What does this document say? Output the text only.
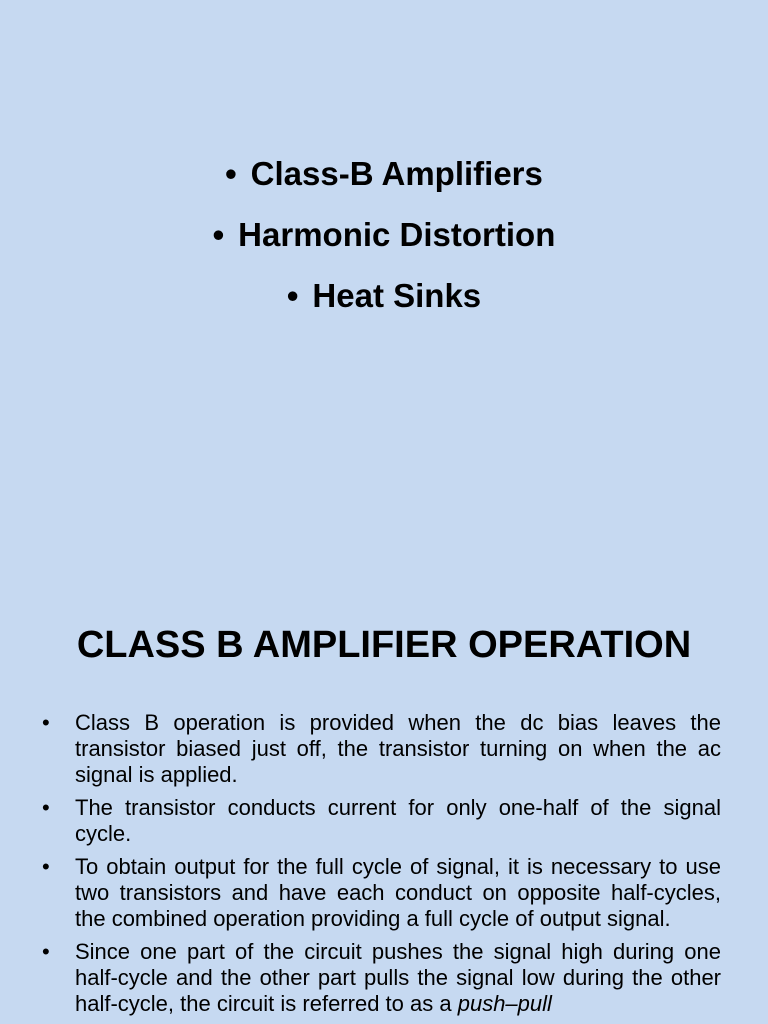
• Class-B Amplifiers
• Harmonic Distortion
• Heat Sinks
CLASS B AMPLIFIER OPERATION
• Class B operation is provided when the dc bias leaves the transistor biased just off, the transistor turning on when the ac signal is applied.
• The transistor conducts current for only one-half of the signal cycle.
• To obtain output for the full cycle of signal, it is necessary to use two transistors and have each conduct on opposite half-cycles, the combined operation providing a full cycle of output signal.
• Since one part of the circuit pushes the signal high during one half-cycle and the other part pulls the signal low during the other half-cycle, the circuit is referred to as a push–pull
